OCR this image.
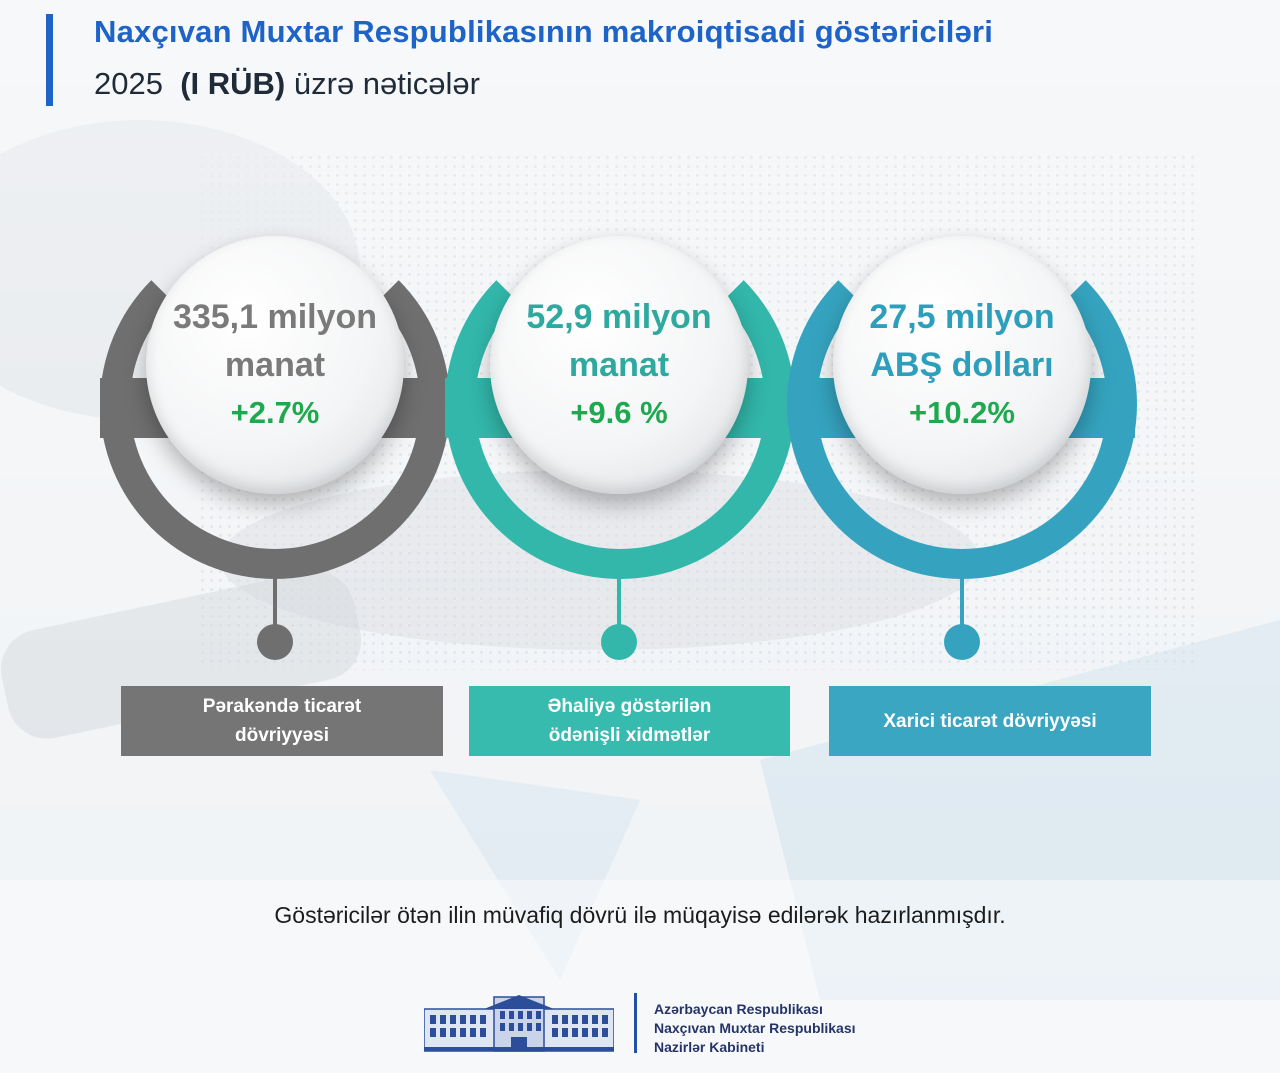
Naxçıvan Muxtar Respublikasının makroiqtisadi göstəriciləri
2025 (I RÜB) üzrə nəticələr
335,1 milyon
manat
+2.7%
Pərakəndə ticarət
dövriyyəsi
52,9 milyon
manat
+9.6 %
Əhaliyə göstərilən
ödənişli xidmətlər
27,5 milyon
ABŞ dolları
+10.2%
Xarici ticarət dövriyyəsi
Göstəricilər ötən ilin müvafiq dövrü ilə müqayisə edilərək hazırlanmışdır.
Azərbaycan Respublikası
Naxçıvan Muxtar Respublikası
Nazirlər Kabineti
